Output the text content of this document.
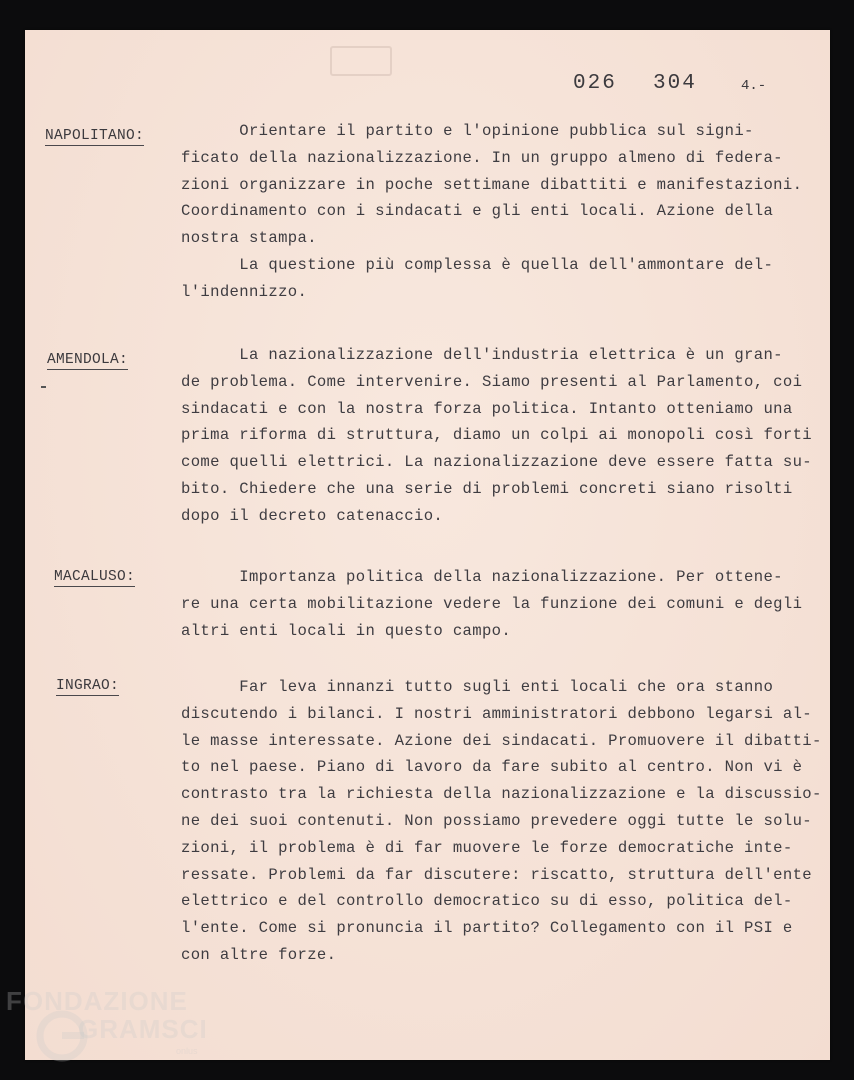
026 304	4.-
NAPOLITANO: Orientare il partito e l'opinione pubblica sul signi-
ficato della nazionalizzazione. In un gruppo almeno di federa-
zioni organizzare in poche settimane dibattiti e manifestazioni.
Coordinamento con i sindacati e gli enti locali. Azione della
nostra stampa.
La questione più complessa è quella dell'ammontare del-
l'indennizzo.
AMENDOLA:	La nazionalizzazione dell'industria elettrica è un gran-
de problema. Come intervenire. Siamo presenti al Parlamento, coi
sindacati e con la nostra forza politica. Intanto otteniamo una
prima riforma di struttura, diamo un colpi ai monopoli così forti
come quelli elettrici. La nazionalizzazione deve essere fatta su-
bito. Chiedere che una serie di problemi concreti siano risolti
dopo il decreto catenaccio.
MACALUSO:	Importanza politica della nazionalizzazione. Per ottene-
re una certa mobilitazione vedere la funzione dei comuni e degli
altri enti locali in questo campo.
INGRAO:	Far leva innanzi tutto sugli enti locali che ora stanno
discutendo i bilanci. I nostri amministratori debbono legarsi al-
le masse interessate. Azione dei sindacati. Promuovere il dibatti-
to nel paese. Piano di lavoro da fare subito al centro. Non vi è
contrasto tra la richiesta della nazionalizzazione e la discussio-
ne dei suoi contenuti. Non possiamo prevedere oggi tutte le solu-
zioni, il problema è di far muovere le forze democratiche inte-
ressate. Problemi da far discutere: riscatto, struttura dell'ente
elettrico e del controllo democratico su di esso, politica del-
l'ente. Come si pronuncia il partito? Collegamento con il PSI e
con altre forze.
FONDAZIONE
GRAMSCI
onlus
